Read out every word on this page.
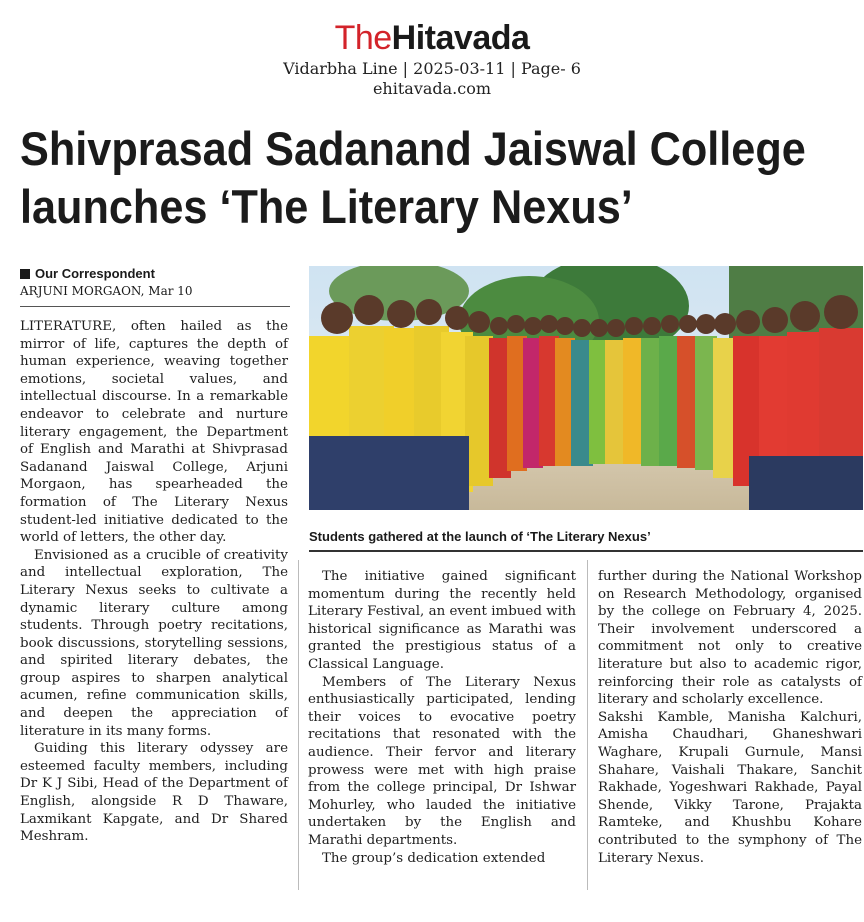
TheHitavada
Vidarbha Line | 2025-03-11 | Page- 6
ehitavada.com
Shivprasad Sadanand Jaiswal College
launches ‘The Literary Nexus’
Our Correspondent
ARJUNI MORGAON, Mar 10

LITERATURE, often hailed as the mirror of life, captures the depth of human experience, weaving together emotions, societal values, and intellectual discourse. In a remarkable endeavor to celebrate and nurture literary engagement, the Department of English and Marathi at Shivprasad Sadanand Jaiswal College, Arjuni Morgaon, has spearheaded the formation of The Literary Nexus student-led initiative dedicated to the world of letters, the other day.

Envisioned as a crucible of creativity and intellectual exploration, The Literary Nexus seeks to cultivate a dynamic literary culture among students. Through poetry recitations, book discussions, storytelling sessions, and spirited literary debates, the group aspires to sharpen analytical acumen, refine communication skills, and deepen the appreciation of literature in its many forms.

Guiding this literary odyssey are esteemed faculty members, including Dr K J Sibi, Head of the Department of English, alongside R D Thaware, Laxmikant Kapgate, and Dr Shared Meshram.

Students gathered at the launch of ‘The Literary Nexus’

The initiative gained significant momentum during the recently held Literary Festival, an event imbued with historical significance as Marathi was granted the prestigious status of a Classical Language.

Members of The Literary Nexus enthusiastically participated, lending their voices to evocative poetry recitations that resonated with the audience. Their fervor and literary prowess were met with high praise from the college principal, Dr Ishwar Mohurley, who lauded the initiative undertaken by the English and Marathi departments.

The group’s dedication extended

further during the National Workshop on Research Methodology, organised by the college on February 4, 2025. Their involvement underscored a commitment not only to creative literature but also to academic rigor, reinforcing their role as catalysts of literary and scholarly excellence.

Sakshi Kamble, Manisha Kalchuri, Amisha Chaudhari, Ghaneshwari Waghare, Krupali Gurnule, Mansi Shahare, Vaishali Thakare, Sanchit Rakhade, Yogeshwari Rakhade, Payal Shende, Vikky Tarone, Prajakta Ramteke, and Khushbu Kohare contributed to the symphony of The Literary Nexus.
